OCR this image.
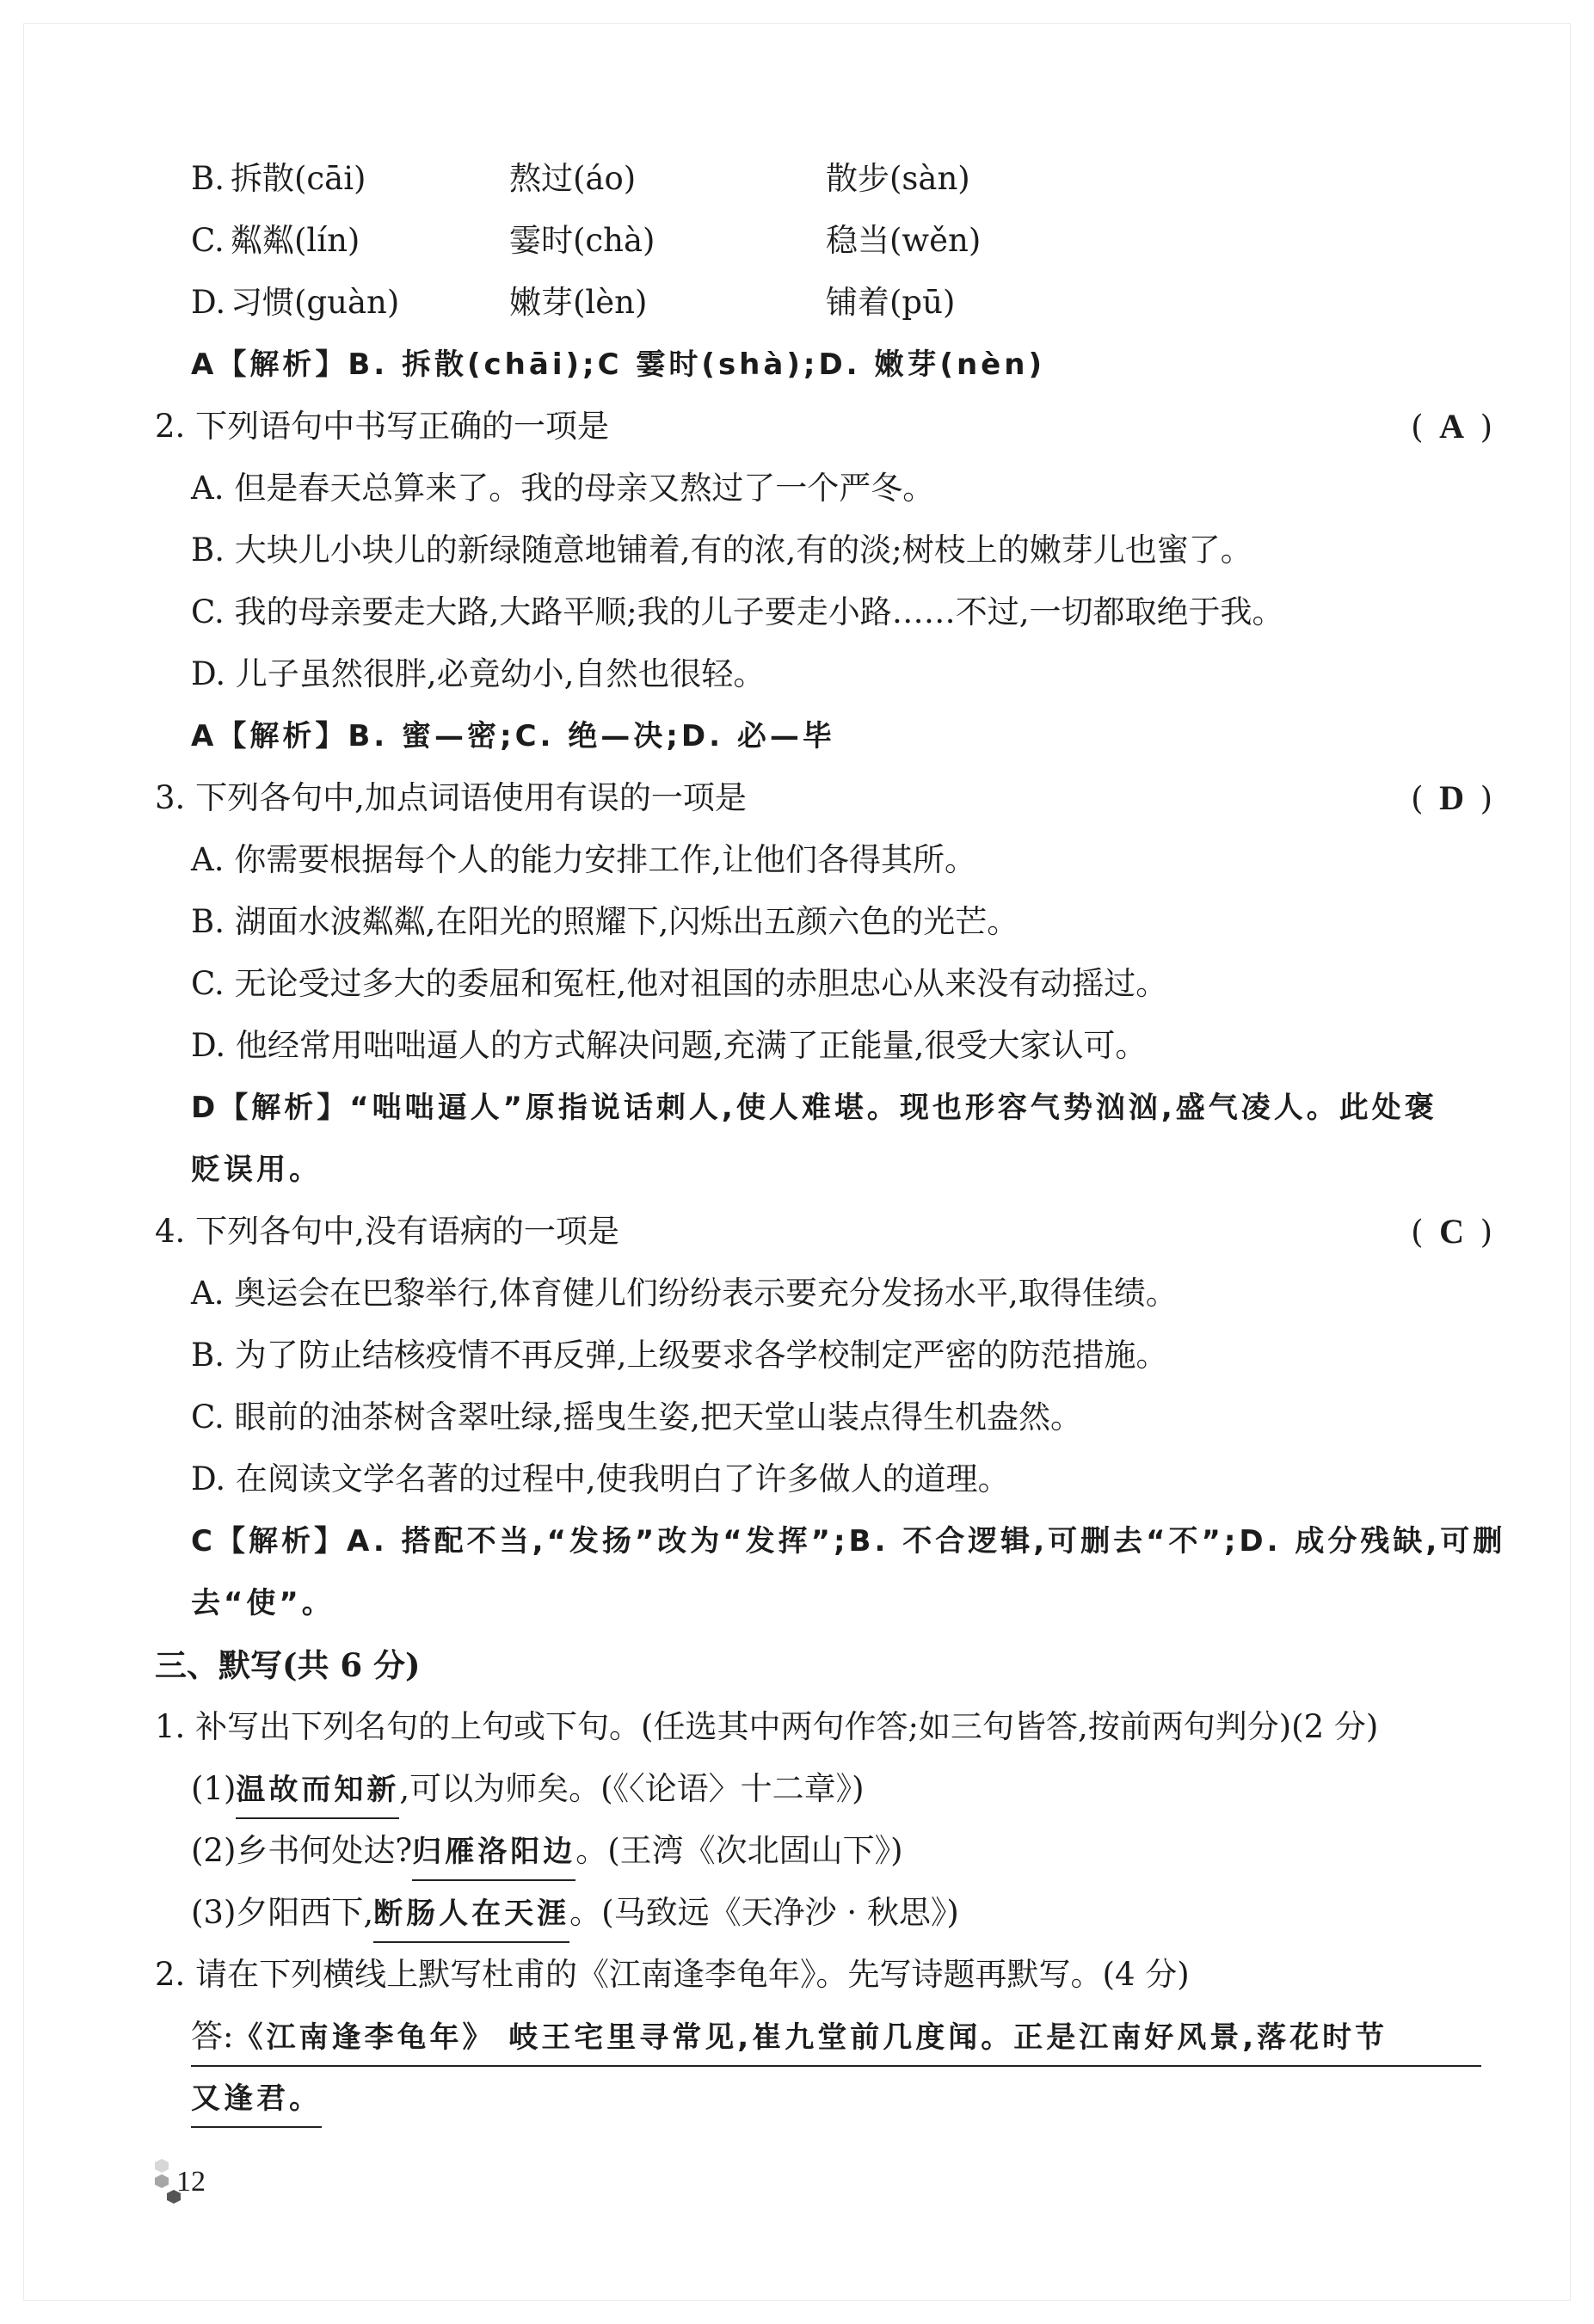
B. 拆散(cāi)	熬过(áo)	散步(sàn)
C. 粼粼(lín)	霎时(chà)	稳当(wěn)
D. 习惯(guàn)	嫩芽(lèn)	铺着(pū)
A【解析】B. 拆散(chāi);C 霎时(shà);D. 嫩芽(nèn)
2. 下列语句中书写正确的一项是	( A )
A. 但是春天总算来了。我的母亲又熬过了一个严冬。
B. 大块儿小块儿的新绿随意地铺着,有的浓,有的淡;树枝上的嫩芽儿也蜜了。
C. 我的母亲要走大路,大路平顺;我的儿子要走小路……不过,一切都取绝于我。
D. 儿子虽然很胖,必竟幼小,自然也很轻。
A【解析】B. 蜜—密;C. 绝—决;D. 必—毕
3. 下列各句中,加点词语使用有误的一项是	( D )
A. 你需要根据每个人的能力安排工作,让他们各得其所。
B. 湖面水波粼粼,在阳光的照耀下,闪烁出五颜六色的光芒。
C. 无论受过多大的委屈和冤枉,他对祖国的赤胆忠心从来没有动摇过。
D. 他经常用咄咄逼人的方式解决问题,充满了正能量,很受大家认可。
D【解析】“咄咄逼人”原指说话刺人,使人难堪。现也形容气势汹汹,盛气凌人。此处褒
贬误用。
4. 下列各句中,没有语病的一项是	( C )
A. 奥运会在巴黎举行,体育健儿们纷纷表示要充分发扬水平,取得佳绩。
B. 为了防止结核疫情不再反弹,上级要求各学校制定严密的防范措施。
C. 眼前的油茶树含翠吐绿,摇曳生姿,把天堂山装点得生机盎然。
D. 在阅读文学名著的过程中,使我明白了许多做人的道理。
C【解析】A. 搭配不当,“发扬”改为“发挥”;B. 不合逻辑,可删去“不”;D. 成分残缺,可删
去“使”。
三、默写(共 6 分)
1. 补写出下列名句的上句或下句。(任选其中两句作答;如三句皆答,按前两句判分)(2 分)
(1)温故而知新,可以为师矣。(《〈论语〉十二章》)
(2)乡书何处达?归雁洛阳边。(王湾《次北固山下》)
(3)夕阳西下,断肠人在天涯。(马致远《天净沙 · 秋思》)
2. 请在下列横线上默写杜甫的《江南逢李龟年》。先写诗题再默写。(4 分)
答:《江南逢李龟年》 岐王宅里寻常见,崔九堂前几度闻。正是江南好风景,落花时节
又逢君。
12
